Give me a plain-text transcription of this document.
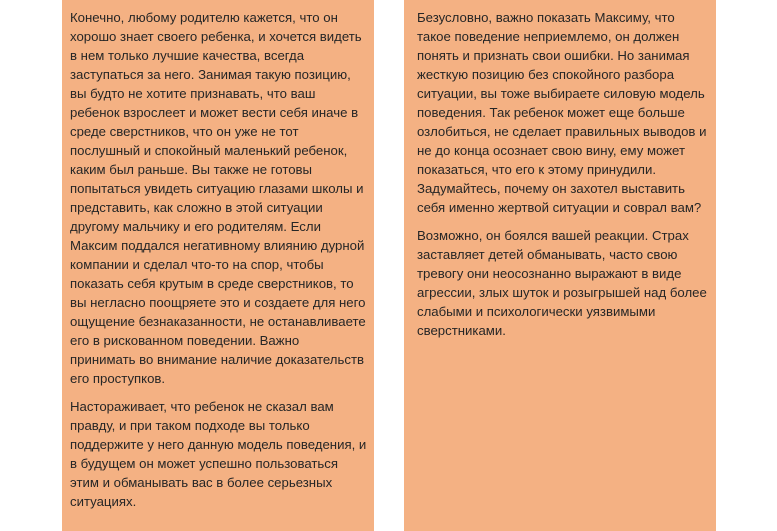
Конечно, любому родителю кажется, что он хорошо знает своего ребенка, и хочется видеть в нем только лучшие качества, всегда заступаться за него. Занимая такую позицию, вы будто не хотите признавать, что ваш ребенок взрослеет и может вести себя иначе в среде сверстников, что он уже не тот послушный и спокойный маленький ребенок, каким был раньше. Вы также не готовы попытаться увидеть ситуацию глазами школы и представить, как сложно в этой ситуации другому мальчику и его родителям. Если Максим поддался негативному влиянию дурной компании и сделал что-то на спор, чтобы показать себя крутым в среде сверстников, то вы негласно поощряете это и создаете для него ощущение безнаказанности, не останавливаете его в рискованном поведении. Важно принимать во внимание наличие доказательств его проступков.

Настораживает, что ребенок не сказал вам правду, и при таком подходе вы только поддержите у него данную модель поведения, и в будущем он может успешно пользоваться этим и обманывать вас в более серьезных ситуациях.

Безусловно, важно показать Максиму, что такое поведение неприемлемо, он должен понять и признать свои ошибки. Но занимая жесткую позицию без спокойного разбора ситуации, вы тоже выбираете силовую модель поведения. Так ребенок может еще больше озлобиться, не сделает правильных выводов и не до конца осознает свою вину, ему может показаться, что его к этому принудили. Задумайтесь, почему он захотел выставить себя именно жертвой ситуации и соврал вам?

Возможно, он боялся вашей реакции. Страх заставляет детей обманывать, часто свою тревогу они неосознанно выражают в виде агрессии, злых шуток и розыгрышей над более слабыми и психологически уязвимыми сверстниками.
